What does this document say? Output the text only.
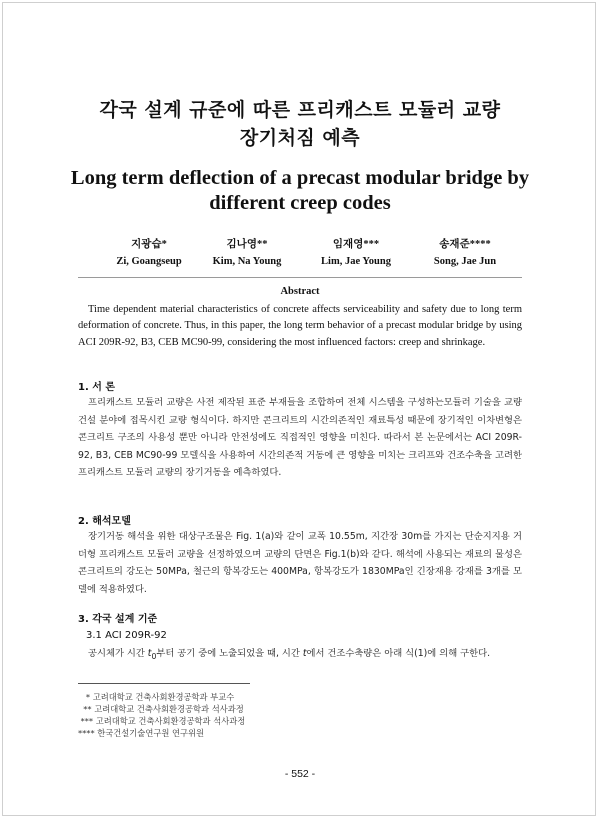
각국 설계 규준에 따른 프리캐스트 모듈러 교량
장기처짐 예측
Long term deflection of a precast modular bridge by
different creep codes
지광습*
Zi, Goangseup
김나영**
Kim, Na Young
임재영***
Lim, Jae Young
송재준****
Song, Jae Jun
Abstract
Time dependent material characteristics of concrete affects serviceability and safety due to long term deformation of concrete. Thus, in this paper, the long term behavior of a precast modular bridge by using ACI 209R-92, B3, CEB MC90-99, considering the most influenced factors: creep and shrinkage.
1. 서 론
프리캐스트 모듈러 교량은 사전 제작된 표준 부재들을 조합하여 전체 시스템을 구성하는모듈러 기술을 교량 건설 분야에 접목시킨 교량 형식이다. 하지만 콘크리트의 시간의존적인 재료특성 때문에 장기적인 이차변형은 콘크리트 구조의 사용성 뿐만 아니라 안전성에도 직접적인 영향을 미친다. 따라서 본 논문에서는 ACI 209R-92, B3, CEB MC90-99 모델식을 사용하여 시간의존적 거동에 큰 영향을 미치는 크리프와 건조수축을 고려한 프리캐스트 모듈러 교량의 장기거동을 예측하였다.
2. 해석모델
장기거동 해석을 위한 대상구조물은 Fig. 1(a)와 같이 교폭 10.55m, 지간장 30m를 가지는 단순지지용 거더형 프리캐스트 모듈러 교량을 선정하였으며 교량의 단면은 Fig.1(b)와 같다. 해석에 사용되는 재료의 물성은 콘크리트의 강도는 50MPa, 철근의 항복강도는 400MPa, 항복강도가 1830MPa인 긴장재용 강재를 3개를 모델에 적용하였다.
3. 각국 설계 기준
3.1 ACI 209R-92
공시체가 시간 $t_0$부터 공기 중에 노출되었을 때, 시간 t에서 건조수축량은 아래 식(1)에 의해 구한다.
* 고려대학교 건축사회환경공학과 부교수
** 고려대학교 건축사회환경공학과 석사과정
*** 고려대학교 건축사회환경공학과 석사과정
**** 한국건설기술연구원 연구위원
- 552 -
